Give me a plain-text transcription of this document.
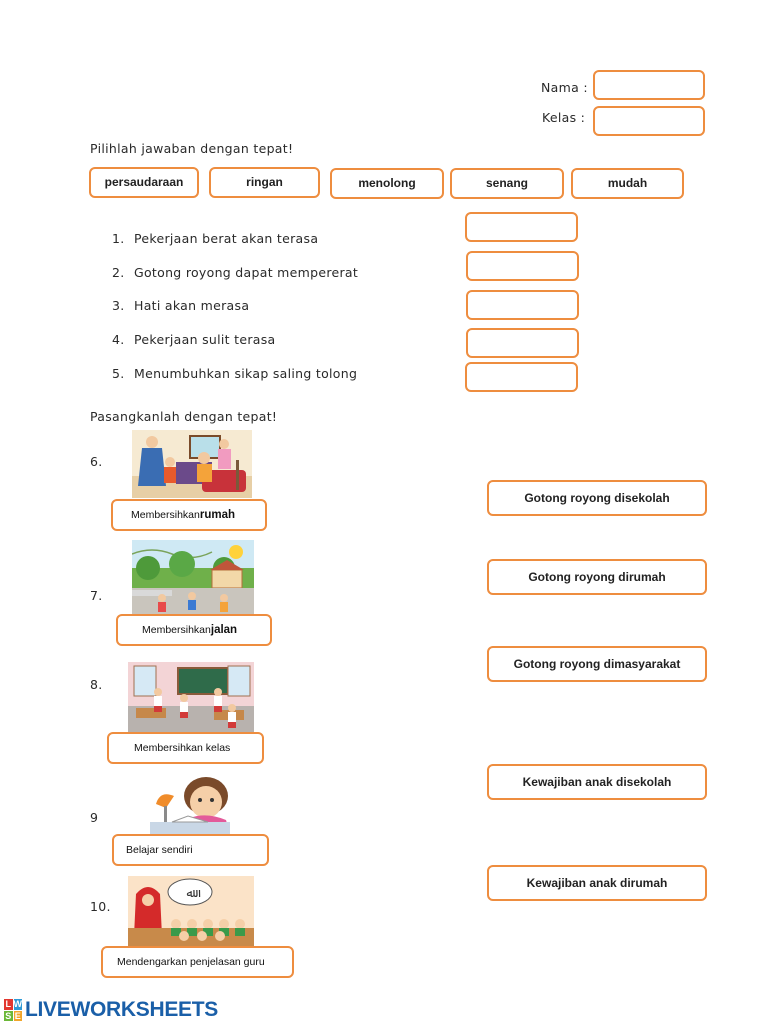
Nama :
Kelas :
Pilihlah jawaban dengan tepat!
persaudaraan	ringan	menolong	senang	mudah
1. Pekerjaan berat akan terasa
2. Gotong royong dapat mempererat
3. Hati akan merasa
4. Pekerjaan sulit terasa
5. Menumbuhkan sikap saling tolong
Pasangkanlah dengan tepat!
6.
Membersihkan rumah
7.
Membersihkan jalan
8.
Membersihkan kelas
9
Belajar sendiri
10.
ﷲ
Mendengarkan penjelasan guru
Gotong royong disekolah
Gotong royong dirumah
Gotong royong dimasyarakat
Kewajiban anak disekolah
Kewajiban anak dirumah
L W
S E LIVEWORKSHEETS
